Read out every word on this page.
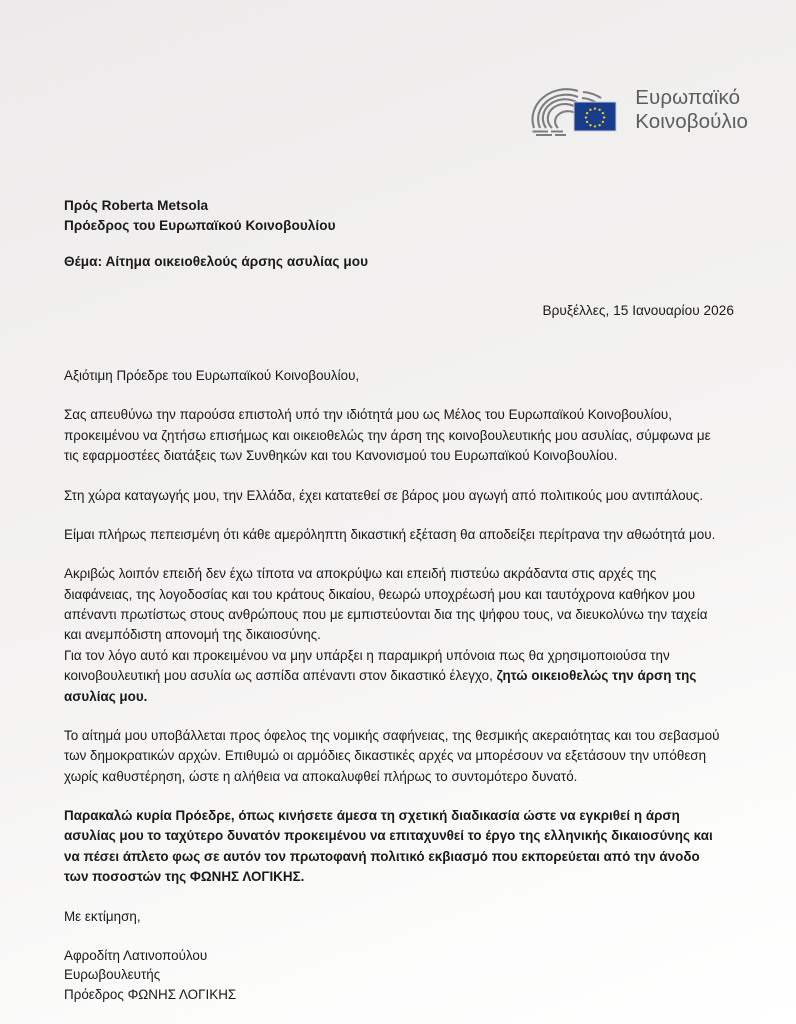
Ευρωπαϊκό
Κοινοβούλιο
Πρός Roberta Metsola
Πρόεδρος του Ευρωπαϊκού Κοινοβουλίου
Θέμα: Αίτημα οικειοθελούς άρσης ασυλίας μου
Βρυξέλλες, 15 Ιανουαρίου 2026

Αξιότιμη Πρόεδρε του Ευρωπαϊκού Κοινοβουλίου,

Σας απευθύνω την παρούσα επιστολή υπό την ιδιότητά μου ως Μέλος του Ευρωπαϊκού Κοινοβουλίου, προκειμένου να ζητήσω επισήμως και οικειοθελώς την άρση της κοινοβουλευτικής μου ασυλίας, σύμφωνα με τις εφαρμοστέες διατάξεις των Συνθηκών και του Κανονισμού του Ευρωπαϊκού Κοινοβουλίου.

Στη χώρα καταγωγής μου, την Ελλάδα, έχει κατατεθεί σε βάρος μου αγωγή από πολιτικούς μου αντιπάλους.

Είμαι πλήρως πεπεισμένη ότι κάθε αμερόληπτη δικαστική εξέταση θα αποδείξει περίτρανα την αθωότητά μου.

Ακριβώς λοιπόν επειδή δεν έχω τίποτα να αποκρύψω και επειδή πιστεύω ακράδαντα στις αρχές της διαφάνειας, της λογοδοσίας και του κράτους δικαίου, θεωρώ υποχρέωσή μου και ταυτόχρονα καθήκον μου απέναντι πρωτίστως στους ανθρώπους που με εμπιστεύονται δια της ψήφου τους, να διευκολύνω την ταχεία και ανεμπόδιστη απονομή της δικαιοσύνης.

Για τον λόγο αυτό και προκειμένου να μην υπάρξει η παραμικρή υπόνοια πως θα χρησιμοποιούσα την κοινοβουλευτική μου ασυλία ως ασπίδα απέναντι στον δικαστικό έλεγχο, ζητώ οικειοθελώς την άρση της ασυλίας μου.

Το αίτημά μου υποβάλλεται προς όφελος της νομικής σαφήνειας, της θεσμικής ακεραιότητας και του σεβασμού των δημοκρατικών αρχών. Επιθυμώ οι αρμόδιες δικαστικές αρχές να μπορέσουν να εξετάσουν την υπόθεση χωρίς καθυστέρηση, ώστε η αλήθεια να αποκαλυφθεί πλήρως το συντομότερο δυνατό.

Παρακαλώ κυρία Πρόεδρε, όπως κινήσετε άμεσα τη σχετική διαδικασία ώστε να εγκριθεί η άρση ασυλίας μου το ταχύτερο δυνατόν προκειμένου να επιταχυνθεί το έργο της ελληνικής δικαιοσύνης και να πέσει άπλετο φως σε αυτόν τον πρωτοφανή πολιτικό εκβιασμό που εκπορεύεται από την άνοδο των ποσοστών της ΦΩΝΗΣ ΛΟΓΙΚΗΣ.

Με εκτίμηση,

Αφροδίτη Λατινοπούλου
Ευρωβουλευτής
Πρόεδρος ΦΩΝΗΣ ΛΟΓΙΚΗΣ
